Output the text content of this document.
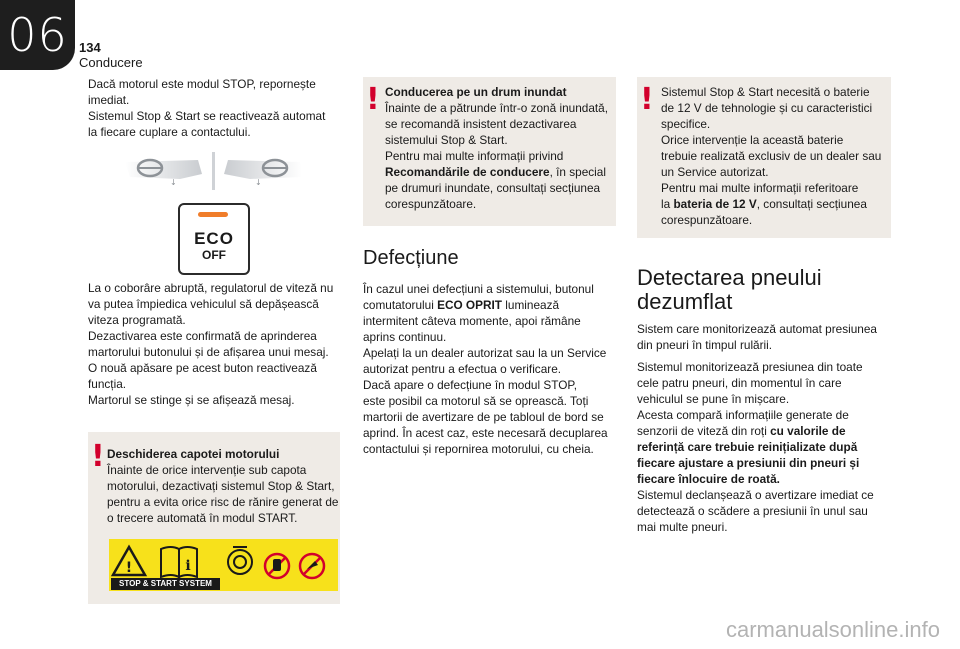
06 134
Conducere
Dacă motorul este modul STOP, repornește
imediat.
Sistemul Stop & Start se reactivează automat
la fiecare cuplare a contactului.
↓	↓
ECO
OFF
La o coborâre abruptă, regulatorul de viteză nu
va putea împiedica vehiculul să depășească
viteza programată.
Dezactivarea este confirmată de aprinderea
martorului butonului și de afișarea unui mesaj.
O nouă apăsare pe acest buton reactivează
funcția.
Martorul se stinge și se afișează mesaj.
! Deschiderea capotei motorului

Înainte de orice intervenție sub capota
motorului, dezactivați sistemul Stop & Start,
pentru a evita orice risc de rănire generat de
o trecere automată în modul START.
!	i
STOP & START SYSTEM
! Conducerea pe un drum inundat

Înainte de a pătrunde într-o zonă inundată,
se recomandă insistent dezactivarea
sistemului Stop & Start.
Pentru mai multe informații privind
Recomandările de conducere, în special
pe drumuri inundate, consultați secțiunea
corespunzătoare.
Defecțiune
În cazul unei defecțiuni a sistemului, butonul
comutatorului ECO OPRIT luminează
intermitent câteva momente, apoi rămâne
aprins continuu.
Apelați la un dealer autorizat sau la un Service
autorizat pentru a efectua o verificare.
Dacă apare o defecțiune în modul STOP,
este posibil ca motorul să se oprească. Toți
martorii de avertizare de pe tabloul de bord se
aprind. În acest caz, este necesară decuplarea
contactului și repornirea motorului, cu cheia.
! Sistemul Stop & Start necesită o baterie
de 12 V de tehnologie și cu caracteristici
specifice.
Orice intervenție la această baterie
trebuie realizată exclusiv de un dealer sau
un Service autorizat.
Pentru mai multe informații referitoare
la bateria de 12 V, consultați secțiunea
corespunzătoare.
Detectarea pneului
dezumflat
Sistem care monitorizează automat presiunea
din pneuri în timpul rulării.
Sistemul monitorizează presiunea din toate
cele patru pneuri, din momentul în care
vehiculul se pune în mișcare.
Acesta compară informațiile generate de
senzorii de viteză din roți cu valorile de
referință care trebuie reinițializate după
fiecare ajustare a presiunii din pneuri și
fiecare înlocuire de roată.
Sistemul declanșează o avertizare imediat ce
detectează o scădere a presiunii în unul sau
mai multe pneuri.
carmanualsonline.info
